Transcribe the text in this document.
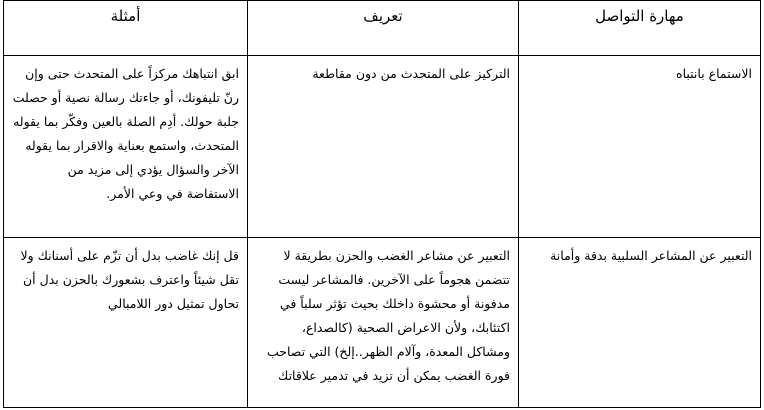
مهارة التواصل	تعريف	أمثلة
الاستماع بانتباه	التركيز على المتحدث من دون مقاطعة	ابق انتباهك مركزاً على المتحدث حتى وإن رنّ تليفونك، أو جاءتك رسالة نصية أو حصلت جلبة حولك. أدِم الصلة بالعين وفكّر بما يقوله المتحدث، واستمع بعناية والاقرار بما يقوله الآخر والسؤال يؤدي إلى مزيد من الاستفاضة في وعي الأمر.
التعبير عن المشاعر السلبية بدقة وأمانة	التعبير عن مشاعر الغضب والحزن بطريقة لا تتضمن هجوماً على الآخرين. فالمشاعر ليست مدفونة أو محشوة داخلك بحيث تؤثر سلباً في اكتئابك، ولأن الاعراض الصحية (كالصداع، ومشاكل المعدة، وآلام الظهر..إلخ) التي تصاحب فورة الغضب يمكن أن تزيد في تدمير علاقاتك	قل إنك غاضب بدل أن تزّم على أسنانك ولا تقل شيئاً واعترف بشعورك بالحزن بدل أن تحاول تمثيل دور اللامبالي
